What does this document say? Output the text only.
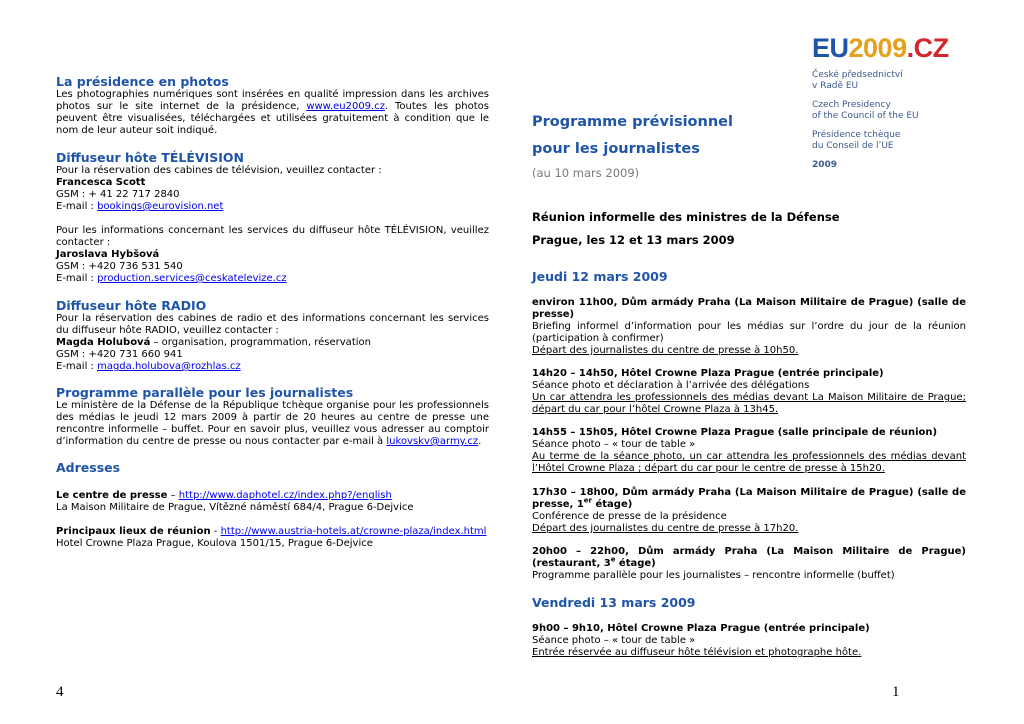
La présidence en photos
Les photographies numériques sont insérées en qualité impression dans les archives photos sur le site internet de la présidence, www.eu2009.cz. Toutes les photos peuvent être visualisées, téléchargées et utilisées gratuitement à condition que le nom de leur auteur soit indiqué.
Diffuseur hôte TÉLÉVISION
Pour la réservation des cabines de télévision, veuillez contacter :
Francesca Scott
GSM : + 41 22 717 2840
E-mail : bookings@eurovision.net
Pour les informations concernant les services du diffuseur hôte TÉLÉVISION, veuillez contacter :
Jaroslava Hybšová
GSM : +420 736 531 540
E-mail : production.services@ceskatelevize.cz
Diffuseur hôte RADIO
Pour la réservation des cabines de radio et des informations concernant les services du diffuseur hôte RADIO, veuillez contacter :
Magda Holubová – organisation, programmation, réservation
GSM : +420 731 660 941
E-mail : magda.holubova@rozhlas.cz
Programme parallèle pour les journalistes
Le ministère de la Défense de la République tchèque organise pour les professionnels des médias le jeudi 12 mars 2009 à partir de 20 heures au centre de presse une rencontre informelle – buffet. Pour en savoir plus, veuillez vous adresser au comptoir d’information du centre de presse ou nous contacter par e-mail à lukovskv@army.cz.
Adresses
Le centre de presse – http://www.daphotel.cz/index.php?/english
La Maison Militaire de Prague, Vítězné náměstí 684/4, Prague 6-Dejvice
Principaux lieux de réunion - http://www.austria-hotels.at/crowne-plaza/index.html
Hotel Crowne Plaza Prague, Koulova 1501/15, Prague 6-Dejvice
4
Programme prévisionnel
pour les journalistes
(au 10 mars 2009)
Réunion informelle des ministres de la Défense
Prague, les 12 et 13 mars 2009
Jeudi 12 mars 2009
environ 11h00, Dům armády Praha (La Maison Militaire de Prague) (salle de presse)
Briefing informel d’information pour les médias sur l’ordre du jour de la réunion (participation à confirmer)
Départ des journalistes du centre de presse à 10h50.
14h20 – 14h50, Hôtel Crowne Plaza Prague (entrée principale)
Séance photo et déclaration à l’arrivée des délégations
Un car attendra les professionnels des médias devant La Maison Militaire de Prague; départ du car pour l’hôtel Crowne Plaza à 13h45.
14h55 – 15h05, Hôtel Crowne Plaza Prague (salle principale de réunion)
Séance photo – « tour de table »
Au terme de la séance photo, un car attendra les professionnels des médias devant l’Hôtel Crowne Plaza ; départ du car pour le centre de presse à 15h20.
17h30 – 18h00, Dům armády Praha (La Maison Militaire de Prague) (salle de presse, 1er étage)
Conférence de presse de la présidence
Départ des journalistes du centre de presse à 17h20.
20h00 – 22h00, Dům armády Praha (La Maison Militaire de Prague) (restaurant, 3e étage)
Programme parallèle pour les journalistes – rencontre informelle (buffet)
Vendredi 13 mars 2009
9h00 – 9h10, Hôtel Crowne Plaza Prague (entrée principale)
Séance photo – « tour de table »
Entrée réservée au diffuseur hôte télévision et photographe hôte.
1
EU2009.CZ
České předsednictví
v Radě EU
Czech Presidency
of the Council of the EU
Présidence tchèque
du Conseil de l’UE
2009
